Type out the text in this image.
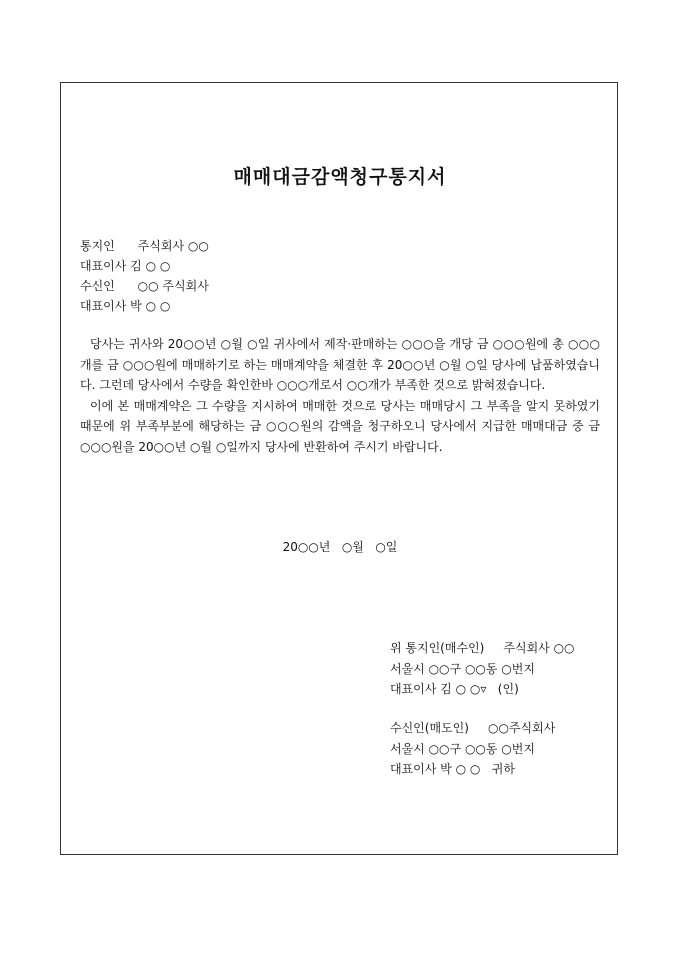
매매대금감액청구통지서
통지인      주식회사 ○○
대표이사 김 ○ ○
수신인      ○○ 주식회사
대표이사 박 ○ ○

당사는 귀사와 20○○년 ○월 ○일 귀사에서 제작·판매하는 ○○○을 개당 금 ○○○원에 총 ○○○개를 금 ○○○원에 매매하기로 하는 매매계약을 체결한 후 20○○년 ○월 ○일 당사에 납품하였습니다. 그런데 당사에서 수량을 확인한바 ○○○개로서 ○○개가 부족한 것으로 밝혀졌습니다.

이에 본 매매계약은 그 수량을 지시하여 매매한 것으로 당사는 매매당시 그 부족을 알지 못하였기 때문에 위 부족부분에 해당하는 금 ○○○원의 감액을 청구하오니 당사에서 지급한 매매대금 중 금 ○○○원을 20○○년 ○월 ○일까지 당사에 반환하여 주시기 바랍니다.

20○○년   ○월   ○일
위 통지인(매수인)     주식회사 ○○
서울시 ○○구 ○○동 ○번지
대표이사 김 ○ ○▿   (인)
수신인(매도인)     ○○주식회사
서울시 ○○구 ○○동 ○번지
대표이사 박 ○ ○   귀하
